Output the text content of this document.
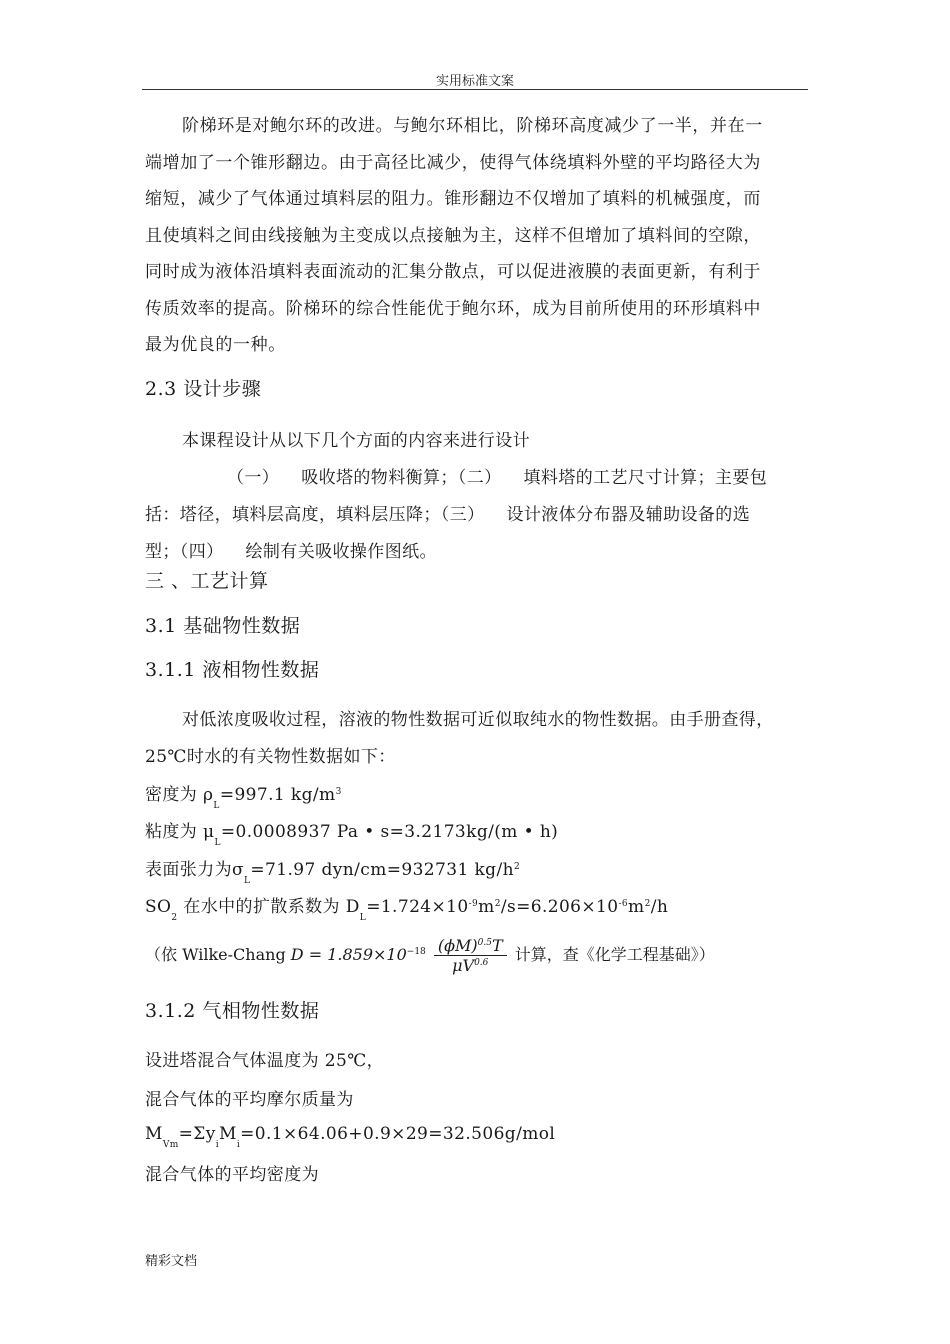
实用标准文案
阶梯环是对鲍尔环的改进。与鲍尔环相比，阶梯环高度减少了一半，并在一
端增加了一个锥形翻边。由于高径比减少，使得气体绕填料外壁的平均路径大为
缩短，减少了气体通过填料层的阻力。锥形翻边不仅增加了填料的机械强度，而
且使填料之间由线接触为主变成以点接触为主，这样不但增加了填料间的空隙，
同时成为液体沿填料表面流动的汇集分散点，可以促进液膜的表面更新，有利于
传质效率的提高。阶梯环的综合性能优于鲍尔环，成为目前所使用的环形填料中
最为优良的一种。
2.3 设计步骤

本课程设计从以下几个方面的内容来进行设计

（一） 吸收塔的物料衡算；（二） 填料塔的工艺尺寸计算；主要包

括：塔径，填料层高度，填料层压降；（三） 设计液体分布器及辅助设备的选

型；（四） 绘制有关吸收操作图纸。

三 、工艺计算
3.1 基础物性数据
3.1.1 液相物性数据

对低浓度吸收过程，溶液的物性数据可近似取纯水的物性数据。由手册查得，

25℃时水的有关物性数据如下：

密度为 $\rho_L=997.1$ $kg/m^3$

粘度为 $\mu_L=0.0008937$ Pa • s=3.2173kg/(m • h)

表面张力为$\sigma_L=71.97$ dyn/cm=932731 $kg/h^2$

$SO_2$ 在水中的扩散系数为 $D_L=1.724\times 10^{-9}m^2/s=6.206\times 10^{-6}m^2/h$

（依 Wilke-Chang $D = 1.859\times 10^{-18} \frac{(\phi M)^{0.5}T}{\mu V^{0.6}}$ 计算，查《化学工程基础》）
3.1.2 气相物性数据

设进塔混合气体温度为 25℃，

混合气体的平均摩尔质量为

$M_{Vm}=\Sigma y_iM_i=0.1\times 64.06+0.9\times 29=32.506g$/mol

混合气体的平均密度为

精彩文档
